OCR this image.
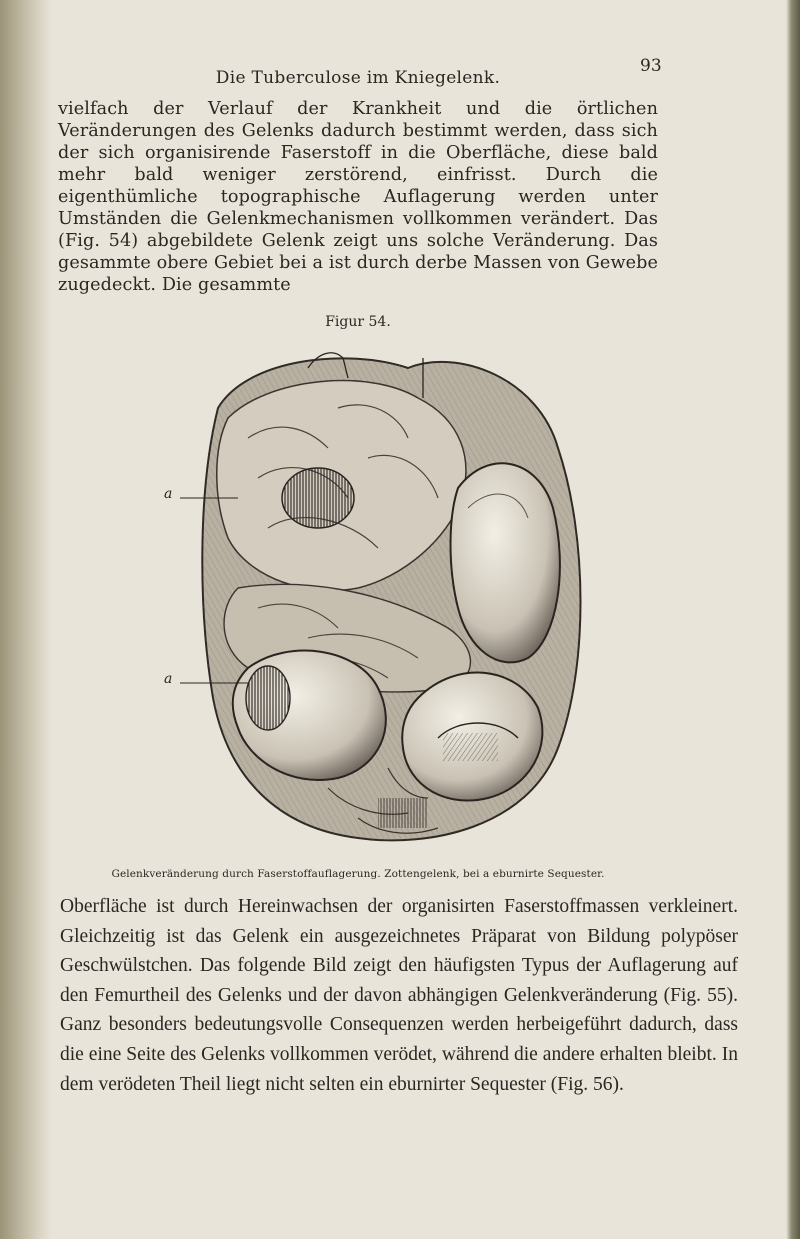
Die Tuberculose im Kniegelenk.
93

vielfach der Verlauf der Krankheit und die örtlichen Veränderungen des Gelenks dadurch bestimmt werden, dass sich der sich organisirende Faserstoff in die Oberfläche, diese bald mehr bald weniger zerstörend, einfrisst. Durch die eigenthümliche topographische Auflagerung werden unter Umständen die Gelenkmechanismen vollkommen verändert. Das (Fig. 54) abgebildete Gelenk zeigt uns solche Veränderung. Das gesammte obere Gebiet bei a ist durch derbe Massen von Gewebe zugedeckt. Die gesammte

Figur 54.
a
a
Gelenkveränderung durch Faserstoffauflagerung. Zottengelenk, bei a eburnirte Sequester.

Oberfläche ist durch Hereinwachsen der organisirten Faserstoffmassen verkleinert. Gleichzeitig ist das Gelenk ein ausgezeichnetes Präparat von Bildung polypöser Geschwülstchen. Das folgende Bild zeigt den häufigsten Typus der Auflagerung auf den Femurtheil des Gelenks und der davon abhängigen Gelenkveränderung (Fig. 55). Ganz besonders bedeutungsvolle Consequenzen werden herbeigeführt dadurch, dass die eine Seite des Gelenks vollkommen verödet, während die andere erhalten bleibt. In dem verödeten Theil liegt nicht selten ein eburnirter Sequester (Fig. 56).
